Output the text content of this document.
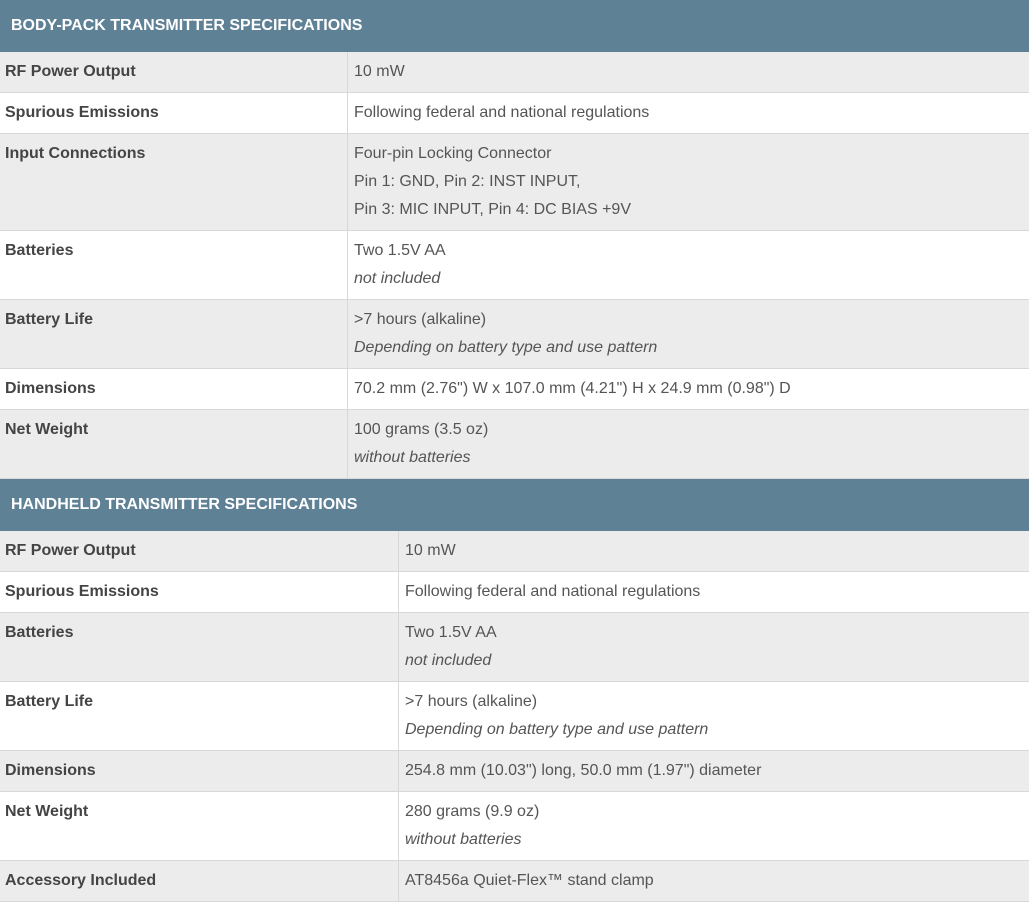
BODY-PACK TRANSMITTER SPECIFICATIONS
RF Power Output	10 mW

Spurious Emissions	Following federal and national regulations

Input Connections	Four-pin Locking Connector
Pin 1: GND, Pin 2: INST INPUT,
Pin 3: MIC INPUT, Pin 4: DC BIAS +9V

Batteries	Two 1.5V AA
not included

Battery Life	>7 hours (alkaline)
Depending on battery type and use pattern

Dimensions	70.2 mm (2.76") W x 107.0 mm (4.21") H x 24.9 mm (0.98") D

Net Weight	100 grams (3.5 oz)
without batteries
HANDHELD TRANSMITTER SPECIFICATIONS
RF Power Output	10 mW

Spurious Emissions	Following federal and national regulations

Batteries	Two 1.5V AA
not included

Battery Life	>7 hours (alkaline)
Depending on battery type and use pattern

Dimensions	254.8 mm (10.03") long, 50.0 mm (1.97") diameter

Net Weight	280 grams (9.9 oz)
without batteries

Accessory Included	AT8456a Quiet-Flex™ stand clamp
